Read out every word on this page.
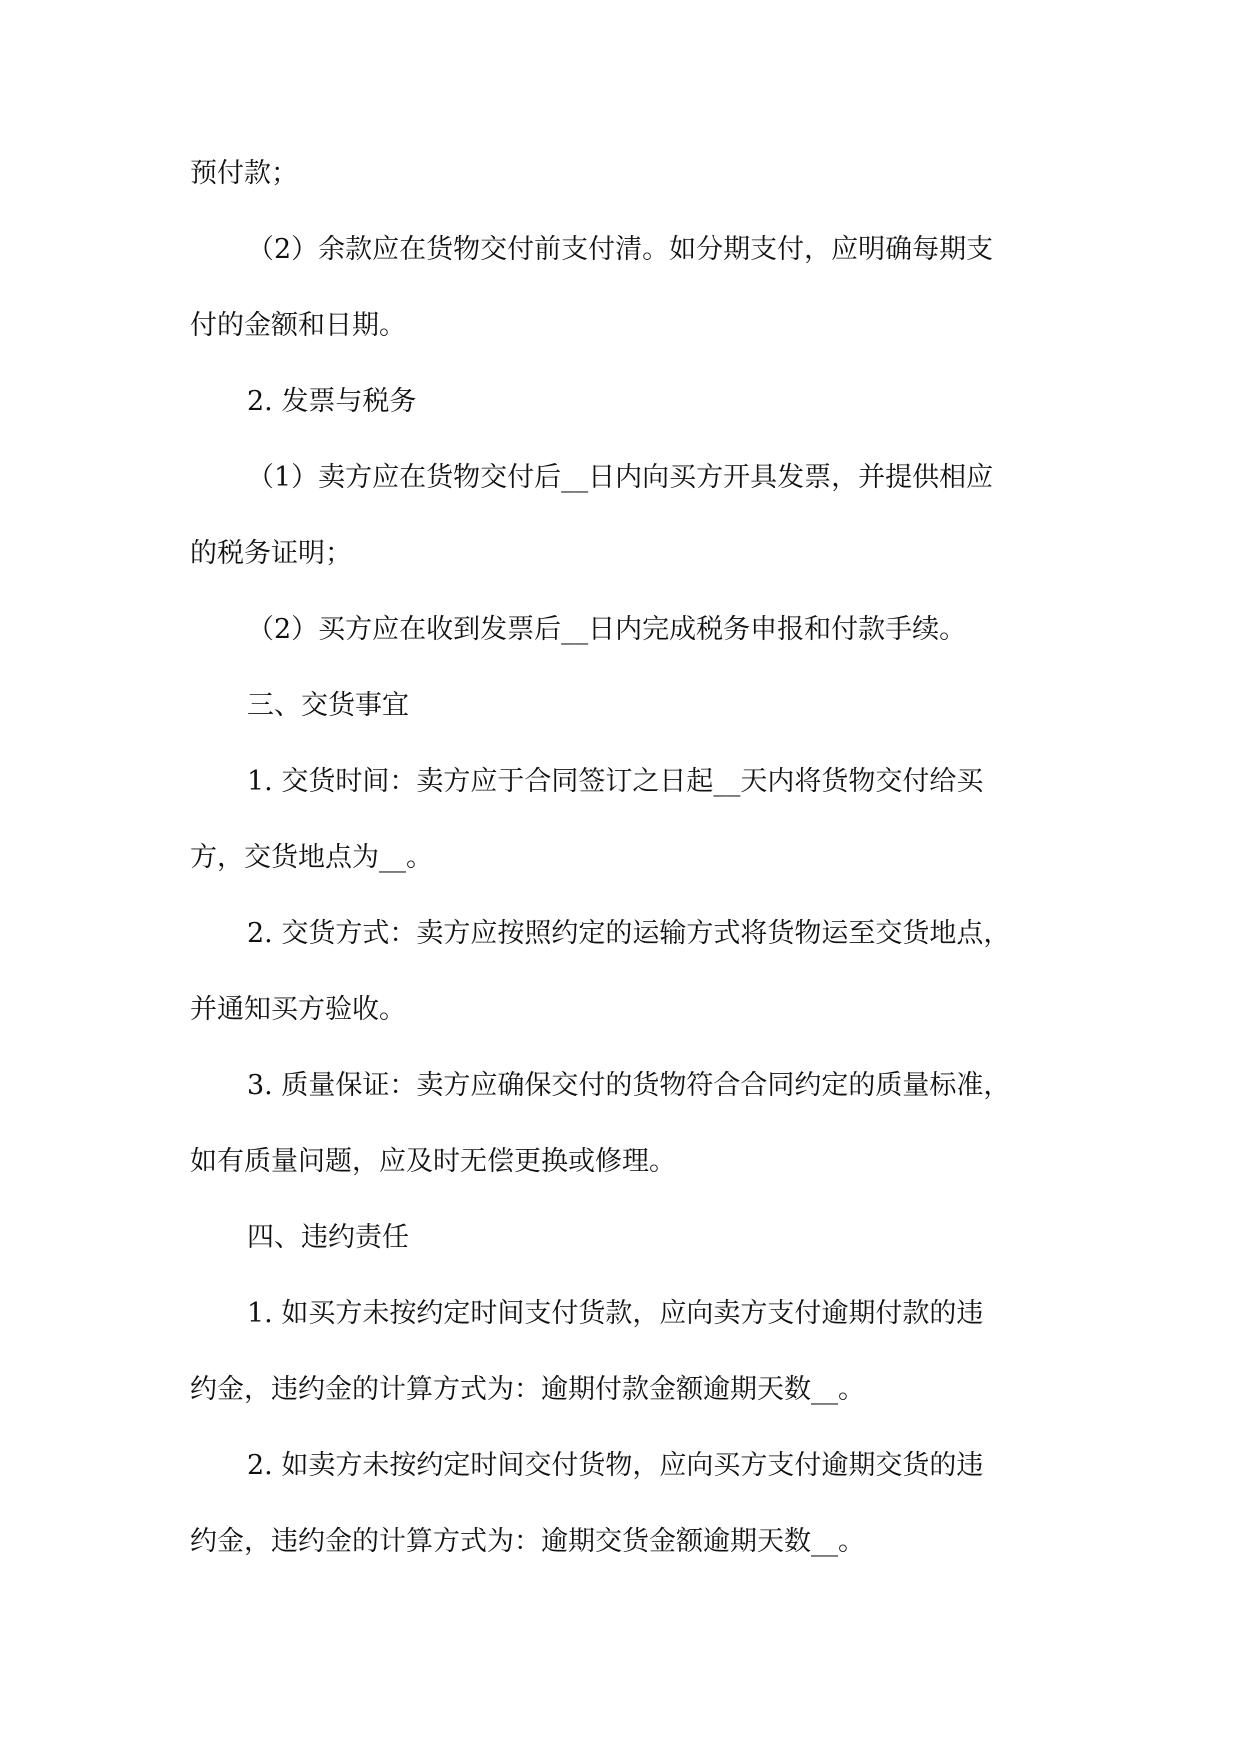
预付款；

（2）余款应在货物交付前支付清。如分期支付，应明确每期支

付的金额和日期。

2. 发票与税务

（1）卖方应在货物交付后__日内向买方开具发票，并提供相应

的税务证明；

（2）买方应在收到发票后__日内完成税务申报和付款手续。

三、交货事宜

1. 交货时间：卖方应于合同签订之日起__天内将货物交付给买

方，交货地点为__。

2. 交货方式：卖方应按照约定的运输方式将货物运至交货地点，

并通知买方验收。

3. 质量保证：卖方应确保交付的货物符合合同约定的质量标准，

如有质量问题，应及时无偿更换或修理。

四、违约责任

1. 如买方未按约定时间支付货款，应向卖方支付逾期付款的违

约金，违约金的计算方式为：逾期付款金额逾期天数__。

2. 如卖方未按约定时间交付货物，应向买方支付逾期交货的违

约金，违约金的计算方式为：逾期交货金额逾期天数__。
